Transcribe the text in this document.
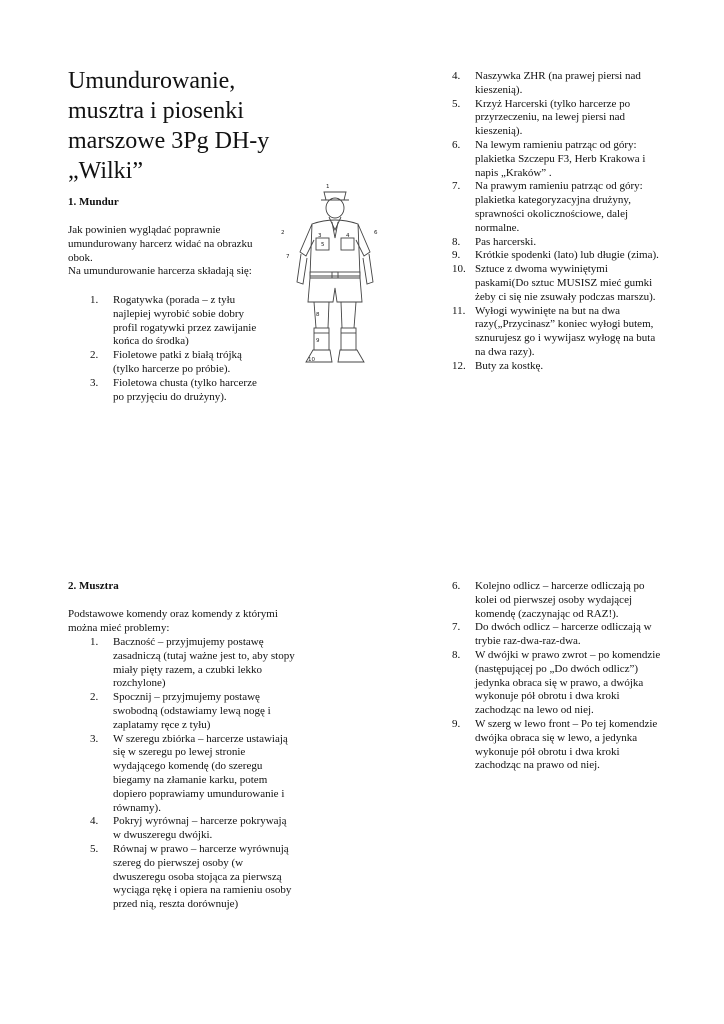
Umundurowanie, musztra i piosenki marszowe 3Pg DH-y „Wilki”
1. Mundur

Jak powinien wyglądać poprawnie umundurowany harcerz widać na obrazku obok.
Na umundurowanie harcerza składają się:

1.	Rogatywka (porada – z tyłu najlepiej wyrobić sobie dobry profil rogatywki przez zawijanie końca do środka)
2.	Fioletowe patki z białą trójką (tylko harcerze po próbie).
3.	Fioletowa chusta (tylko harcerze po przyjęciu do drużyny).
1
2	3	4
5
6
7
8
9
10
4.	Naszywka ZHR (na prawej piersi nad kieszenią).
5.	Krzyż Harcerski (tylko harcerze po przyrzeczeniu, na lewej piersi nad kieszenią).
6.	Na lewym ramieniu patrząc od góry: plakietka Szczepu F3, Herb Krakowa i napis „Kraków” .
7.	Na prawym ramieniu patrząc od góry: plakietka kategoryzacyjna drużyny, sprawności okolicznościowe, dalej normalne.
8.	Pas harcerski.
9.	Krótkie spodenki (lato) lub długie (zima).
10. Sztuce z dwoma wywiniętymi paskami(Do sztuc MUSISZ mieć gumki żeby ci się nie zsuwały podczas marszu).
11. Wyłogi wywinięte na but na dwa razy(„Przycinasz” koniec wyłogi butem, sznurujesz go i wywijasz wyłogę na buta na dwa razy).
12. Buty za kostkę.
2. Musztra

Podstawowe komendy oraz komendy z którymi można mieć problemy:

1.	Baczność – przyjmujemy postawę zasadniczą (tutaj ważne jest to, aby stopy miały pięty razem, a czubki lekko rozchylone)
2.	Spocznij – przyjmujemy postawę swobodną (odstawiamy lewą nogę i zaplatamy ręce z tyłu)
3.	W szeregu zbiórka – harcerze ustawiają się w szeregu po lewej stronie wydającego komendę (do szeregu biegamy na złamanie karku, potem dopiero poprawiamy umundurowanie i równamy).
4.	Pokryj wyrównaj – harcerze pokrywają w dwuszeregu dwójki.
5.	Równaj w prawo – harcerze wyrównują szereg do pierwszej osoby (w dwuszeregu osoba stojąca za pierwszą wyciąga rękę i opiera na ramieniu osoby przed nią, reszta dorównuje)
6.	Kolejno odlicz – harcerze odliczają po kolei od pierwszej osoby wydającej komendę (zaczynając od RAZ!).
7.	Do dwóch odlicz – harcerze odliczają w trybie raz-dwa-raz-dwa.
8.	W dwójki w prawo zwrot – po komendzie (następującej po „Do dwóch odlicz”) jedynka obraca się w prawo, a dwójka wykonuje pół obrotu i dwa kroki zachodząc na lewo od niej.
9.	W szerg w lewo front – Po tej komendzie dwójka obraca się w lewo, a jedynka wykonuje pół obrotu i dwa kroki zachodząc na prawo od niej.
